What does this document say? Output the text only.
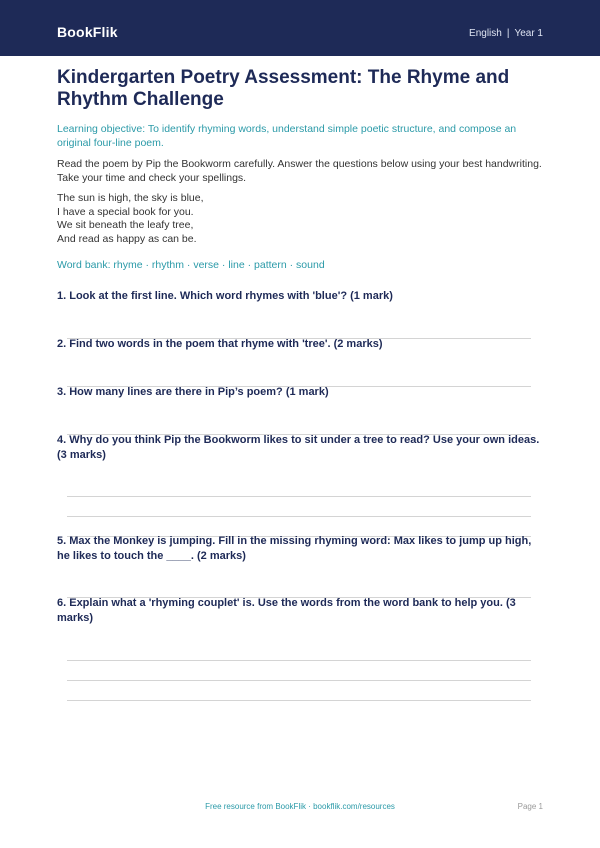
BookFlik	English | Year 1
Kindergarten Poetry Assessment: The Rhyme and Rhythm Challenge

Learning objective: To identify rhyming words, understand simple poetic structure, and compose an original four-line poem.

Read the poem by Pip the Bookworm carefully. Answer the questions below using your best handwriting. Take your time and check your spellings.

The sun is high, the sky is blue,
I have a special book for you.
We sit beneath the leafy tree,
And read as happy as can be.

Word bank: rhyme · rhythm · verse · line · pattern · sound

1. Look at the first line. Which word rhymes with 'blue'? (1 mark)
2. Find two words in the poem that rhyme with 'tree'. (2 marks)
3. How many lines are there in Pip’s poem? (1 mark)
4. Why do you think Pip the Bookworm likes to sit under a tree to read? Use your own ideas. (3 marks)
5. Max the Monkey is jumping. Fill in the missing rhyming word: Max likes to jump up high, he likes to touch the ____. (2 marks)
6. Explain what a 'rhyming couplet' is. Use the words from the word bank to help you. (3 marks)
Free resource from BookFlik · bookflik.com/resources	Page 1
